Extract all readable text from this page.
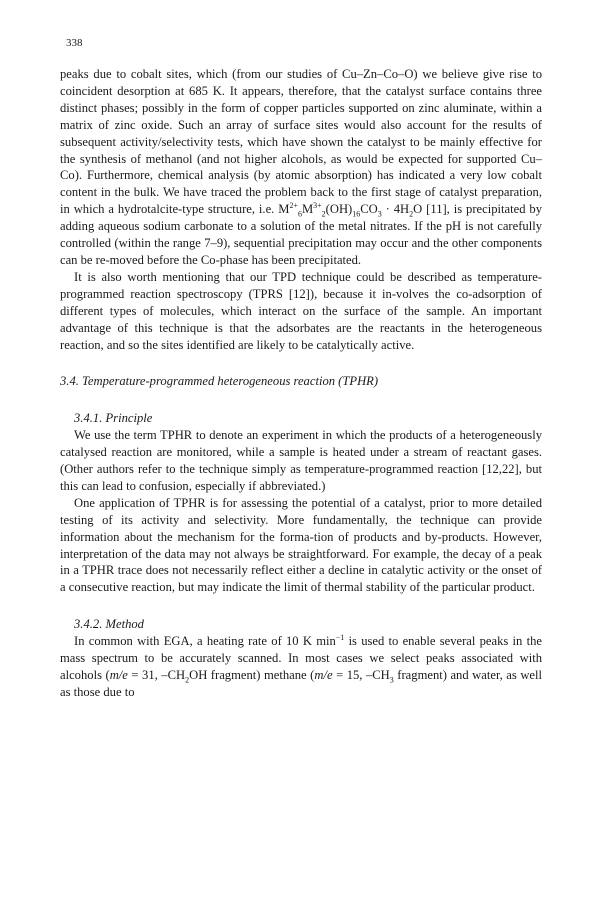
338

peaks due to cobalt sites, which (from our studies of Cu–Zn–Co–O) we believe give rise to coincident desorption at 685 K. It appears, therefore, that the catalyst surface contains three distinct phases; possibly in the form of copper particles supported on zinc aluminate, within a matrix of zinc oxide. Such an array of surface sites would also account for the results of subsequent activity/selectivity tests, which have shown the catalyst to be mainly effective for the synthesis of methanol (and not higher alcohols, as would be expected for supported Cu–Co). Furthermore, chemical analysis (by atomic absorption) has indicated a very low cobalt content in the bulk. We have traced the problem back to the first stage of catalyst preparation, in which a hydrotalcite-type structure, i.e. $M^{2+}_6M^{3+}_2(OH)_{16}CO_3 \cdot 4H_2O$ [11], is precipitated by adding aqueous sodium carbonate to a solution of the metal nitrates. If the pH is not carefully controlled (within the range 7–9), sequential precipitation may occur and the other components can be re-moved before the Co-phase has been precipitated.

It is also worth mentioning that our TPD technique could be described as temperature-programmed reaction spectroscopy (TPRS [12]), because it in-volves the co-adsorption of different types of molecules, which interact on the surface of the sample. An important advantage of this technique is that the adsorbates are the reactants in the heterogeneous reaction, and so the sites identified are likely to be catalytically active.

3.4. Temperature-programmed heterogeneous reaction (TPHR)

3.4.1. Principle

We use the term TPHR to denote an experiment in which the products of a heterogeneously catalysed reaction are monitored, while a sample is heated under a stream of reactant gases. (Other authors refer to the technique simply as temperature-programmed reaction [12,22], but this can lead to confusion, especially if abbreviated.)

One application of TPHR is for assessing the potential of a catalyst, prior to more detailed testing of its activity and selectivity. More fundamentally, the technique can provide information about the mechanism for the forma-tion of products and by-products. However, interpretation of the data may not always be straightforward. For example, the decay of a peak in a TPHR trace does not necessarily reflect either a decline in catalytic activity or the onset of a consecutive reaction, but may indicate the limit of thermal stability of the particular product.

3.4.2. Method

In common with EGA, a heating rate of 10 K $\min^{-1}$ is used to enable several peaks in the mass spectrum to be accurately scanned. In most cases we select peaks associated with alcohols (m/e = 31, $-CH_2OH$ fragment) methane (m/e = 15, $-CH_3$ fragment) and water, as well as those due to
